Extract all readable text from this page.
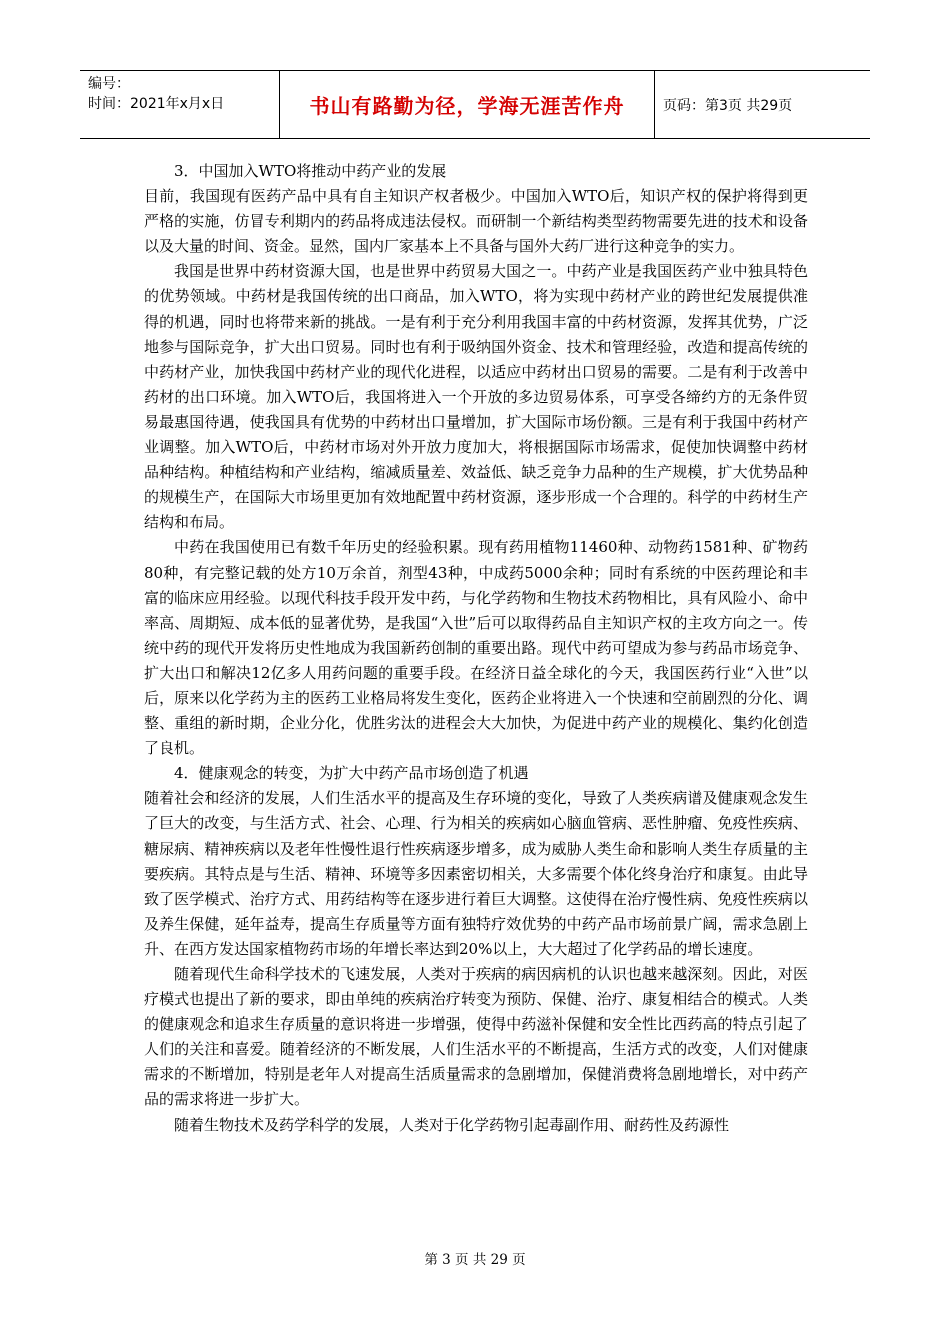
编号：
时间：2021年x月x日	书山有路勤为径，学海无涯苦作舟	页码：第3页 共29页

3．中国加入WTO将推动中药产业的发展

目前，我国现有医药产品中具有自主知识产权者极少。中国加入WTO后，知识产权的保护将得到更严格的实施，仿冒专利期内的药品将成违法侵权。而研制一个新结构类型药物需要先进的技术和设备以及大量的时间、资金。显然，国内厂家基本上不具备与国外大药厂进行这种竞争的实力。

我国是世界中药材资源大国，也是世界中药贸易大国之一。中药产业是我国医药产业中独具特色的优势领域。中药材是我国传统的出口商品，加入WTO，将为实现中药材产业的跨世纪发展提供准得的机遇，同时也将带来新的挑战。一是有利于充分利用我国丰富的中药材资源，发挥其优势，广泛地参与国际竞争，扩大出口贸易。同时也有利于吸纳国外资金、技术和管理经验，改造和提高传统的中药材产业，加快我国中药材产业的现代化进程，以适应中药材出口贸易的需要。二是有利于改善中药材的出口环境。加入WTO后，我国将进入一个开放的多边贸易体系，可享受各缔约方的无条件贸易最惠国待遇，使我国具有优势的中药材出口量增加，扩大国际市场份额。三是有利于我国中药材产业调整。加入WTO后，中药材市场对外开放力度加大，将根据国际市场需求，促使加快调整中药材品种结构。种植结构和产业结构，缩减质量差、效益低、缺乏竞争力品种的生产规模，扩大优势品种的规模生产，在国际大市场里更加有效地配置中药材资源，逐步形成一个合理的。科学的中药材生产结构和布局。

中药在我国使用已有数千年历史的经验积累。现有药用植物11460种、动物药1581种、矿物药80种，有完整记载的处方10万余首，剂型43种，中成药5000余种；同时有系统的中医药理论和丰富的临床应用经验。以现代科技手段开发中药，与化学药物和生物技术药物相比，具有风险小、命中率高、周期短、成本低的显著优势，是我国“入世”后可以取得药品自主知识产权的主攻方向之一。传统中药的现代开发将历史性地成为我国新药创制的重要出路。现代中药可望成为参与药品市场竞争、扩大出口和解决12亿多人用药问题的重要手段。在经济日益全球化的今天，我国医药行业“入世”以后，原来以化学药为主的医药工业格局将发生变化，医药企业将进入一个快速和空前剧烈的分化、调整、重组的新时期，企业分化，优胜劣汰的进程会大大加快，为促进中药产业的规模化、集约化创造了良机。

4．健康观念的转变，为扩大中药产品市场创造了机遇

随着社会和经济的发展，人们生活水平的提高及生存环境的变化，导致了人类疾病谱及健康观念发生了巨大的改变，与生活方式、社会、心理、行为相关的疾病如心脑血管病、恶性肿瘤、免疫性疾病、糖尿病、精神疾病以及老年性慢性退行性疾病逐步增多，成为威胁人类生命和影响人类生存质量的主要疾病。其特点是与生活、精神、环境等多因素密切相关，大多需要个体化终身治疗和康复。由此导致了医学模式、治疗方式、用药结构等在逐步进行着巨大调整。这使得在治疗慢性病、免疫性疾病以及养生保健，延年益寿，提高生存质量等方面有独特疗效优势的中药产品市场前景广阔，需求急剧上升、在西方发达国家植物药市场的年增长率达到20%以上，大大超过了化学药品的增长速度。

随着现代生命科学技术的飞速发展，人类对于疾病的病因病机的认识也越来越深刻。因此，对医疗模式也提出了新的要求，即由单纯的疾病治疗转变为预防、保健、治疗、康复相结合的模式。人类的健康观念和追求生存质量的意识将进一步增强，使得中药滋补保健和安全性比西药高的特点引起了人们的关注和喜爱。随着经济的不断发展，人们生活水平的不断提高，生活方式的改变，人们对健康需求的不断增加，特别是老年人对提高生活质量需求的急剧增加，保健消费将急剧地增长，对中药产品的需求将进一步扩大。

随着生物技术及药学科学的发展，人类对于化学药物引起毒副作用、耐药性及药源性

第 3 页 共 29 页
